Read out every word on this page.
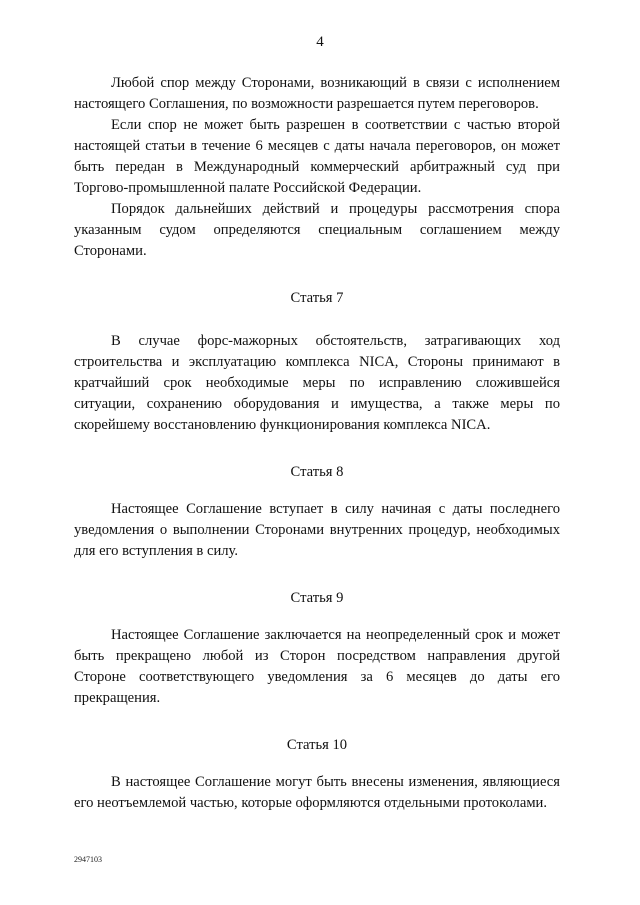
4

Любой спор между Сторонами, возникающий в связи с исполнением настоящего Соглашения, по возможности разрешается путем переговоров.

Если спор не может быть разрешен в соответствии с частью второй настоящей статьи в течение 6 месяцев с даты начала переговоров, он может быть передан в Международный коммерческий арбитражный суд при Торгово-промышленной палате Российской Федерации.

Порядок дальнейших действий и процедуры рассмотрения спора указанным судом определяются специальным соглашением между Сторонами.

Статья 7

В случае форс-мажорных обстоятельств, затрагивающих ход строительства и эксплуатацию комплекса NICA, Стороны принимают в кратчайший срок необходимые меры по исправлению сложившейся ситуации, сохранению оборудования и имущества, а также меры по скорейшему восстановлению функционирования комплекса NICA.

Статья 8

Настоящее Соглашение вступает в силу начиная с даты последнего уведомления о выполнении Сторонами внутренних процедур, необходимых для его вступления в силу.

Статья 9

Настоящее Соглашение заключается на неопределенный срок и может быть прекращено любой из Сторон посредством направления другой Стороне соответствующего уведомления за 6 месяцев до даты его прекращения.

Статья 10

В настоящее Соглашение могут быть внесены изменения, являющиеся его неотъемлемой частью, которые оформляются отдельными протоколами.

2947103
